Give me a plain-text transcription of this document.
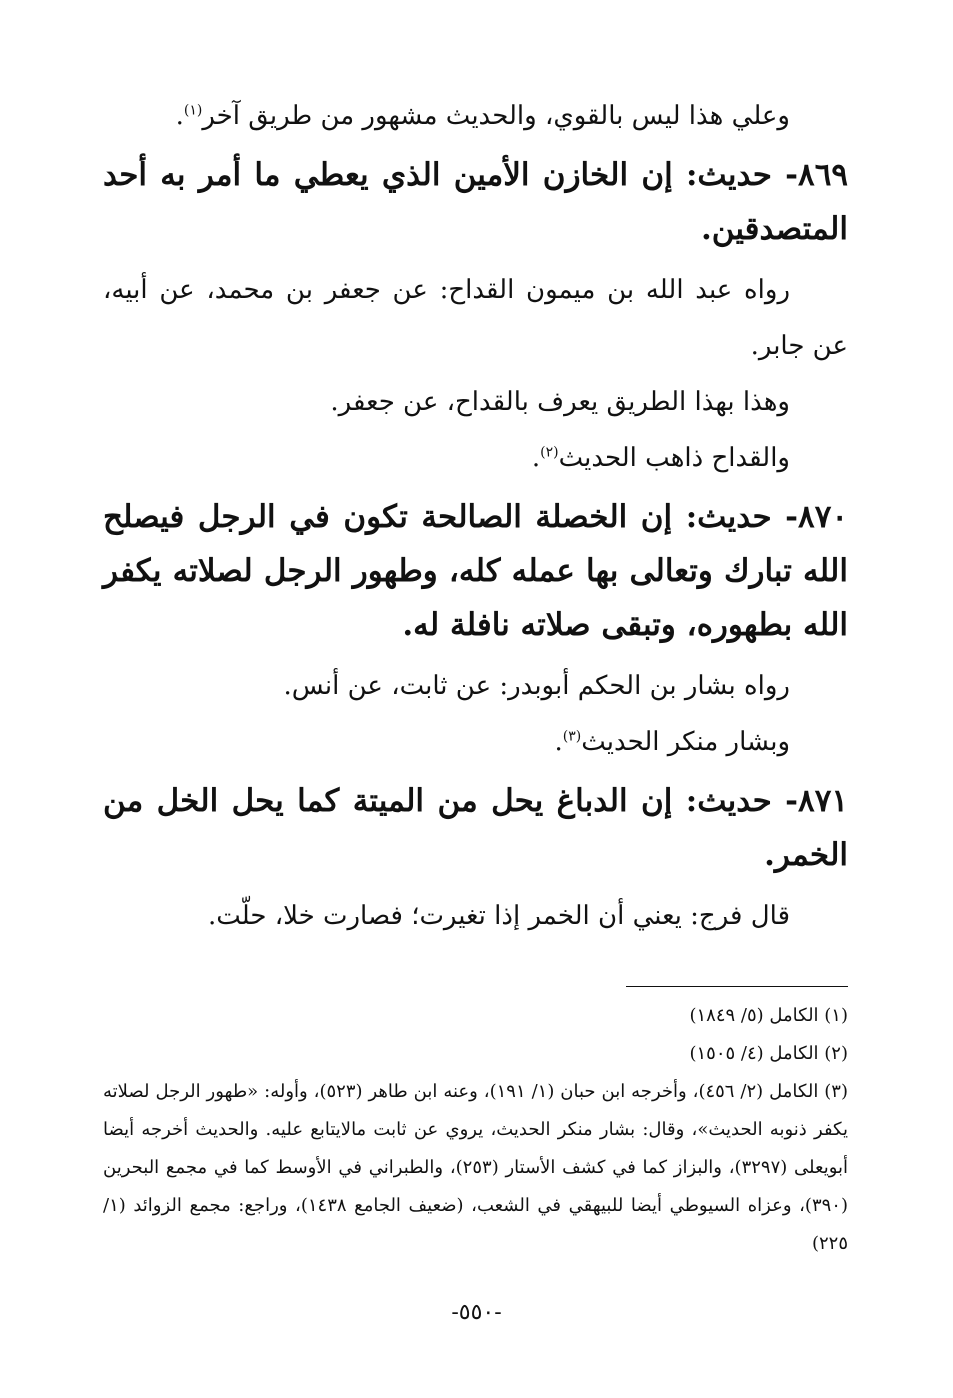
وعلي هذا ليس بالقوي، والحديث مشهور من طريق آخر$^{(١)}$.

٨٦٩- حديث: إن الخازن الأمين الذي يعطي ما أمر به أحد المتصدقين.

رواه عبد الله بن ميمون القداح: عن جعفر بن محمد، عن أبيه، عن جابر.

وهذا بهذا الطريق يعرف بالقداح، عن جعفر.

والقداح ذاهب الحديث$^{(٢)}$.

٨٧٠- حديث: إن الخصلة الصالحة تكون في الرجل فيصلح الله تبارك وتعالى بها عمله كله، وطهور الرجل لصلاته يكفر الله بطهوره، وتبقى صلاته نافلة له.

رواه بشار بن الحكم أبوبدر: عن ثابت، عن أنس.

وبشار منكر الحديث$^{(٣)}$.

٨٧١- حديث: إن الدباغ يحل من الميتة كما يحل الخل من الخمر.

قال فرج: يعني أن الخمر إذا تغيرت؛ فصارت خلا، حلّت.

(١) الكامل (٥/ ١٨٤٩)

(٢) الكامل (٤/ ١٥٠٥)

(٣) الكامل (٢/ ٤٥٦)، وأخرجه ابن حبان (١/ ١٩١)، وعنه ابن طاهر (٥٢٣)، وأوله: «طهور الرجل لصلاته يكفر ذنوبه الحديث»، وقال: بشار منكر الحديث، يروي عن ثابت مالايتابع عليه. والحديث أخرجه أيضا أبويعلى (٣٢٩٧)، والبزاز كما في كشف الأستار (٢٥٣)، والطبراني في الأوسط كما في مجمع البحرين (٣٩٠)، وعزاه السيوطي أيضا للبيهقي في الشعب، (ضعيف الجامع ١٤٣٨)، وراجع: مجمع الزوائد (١/ ٢٢٥)

-٥٥٠-
